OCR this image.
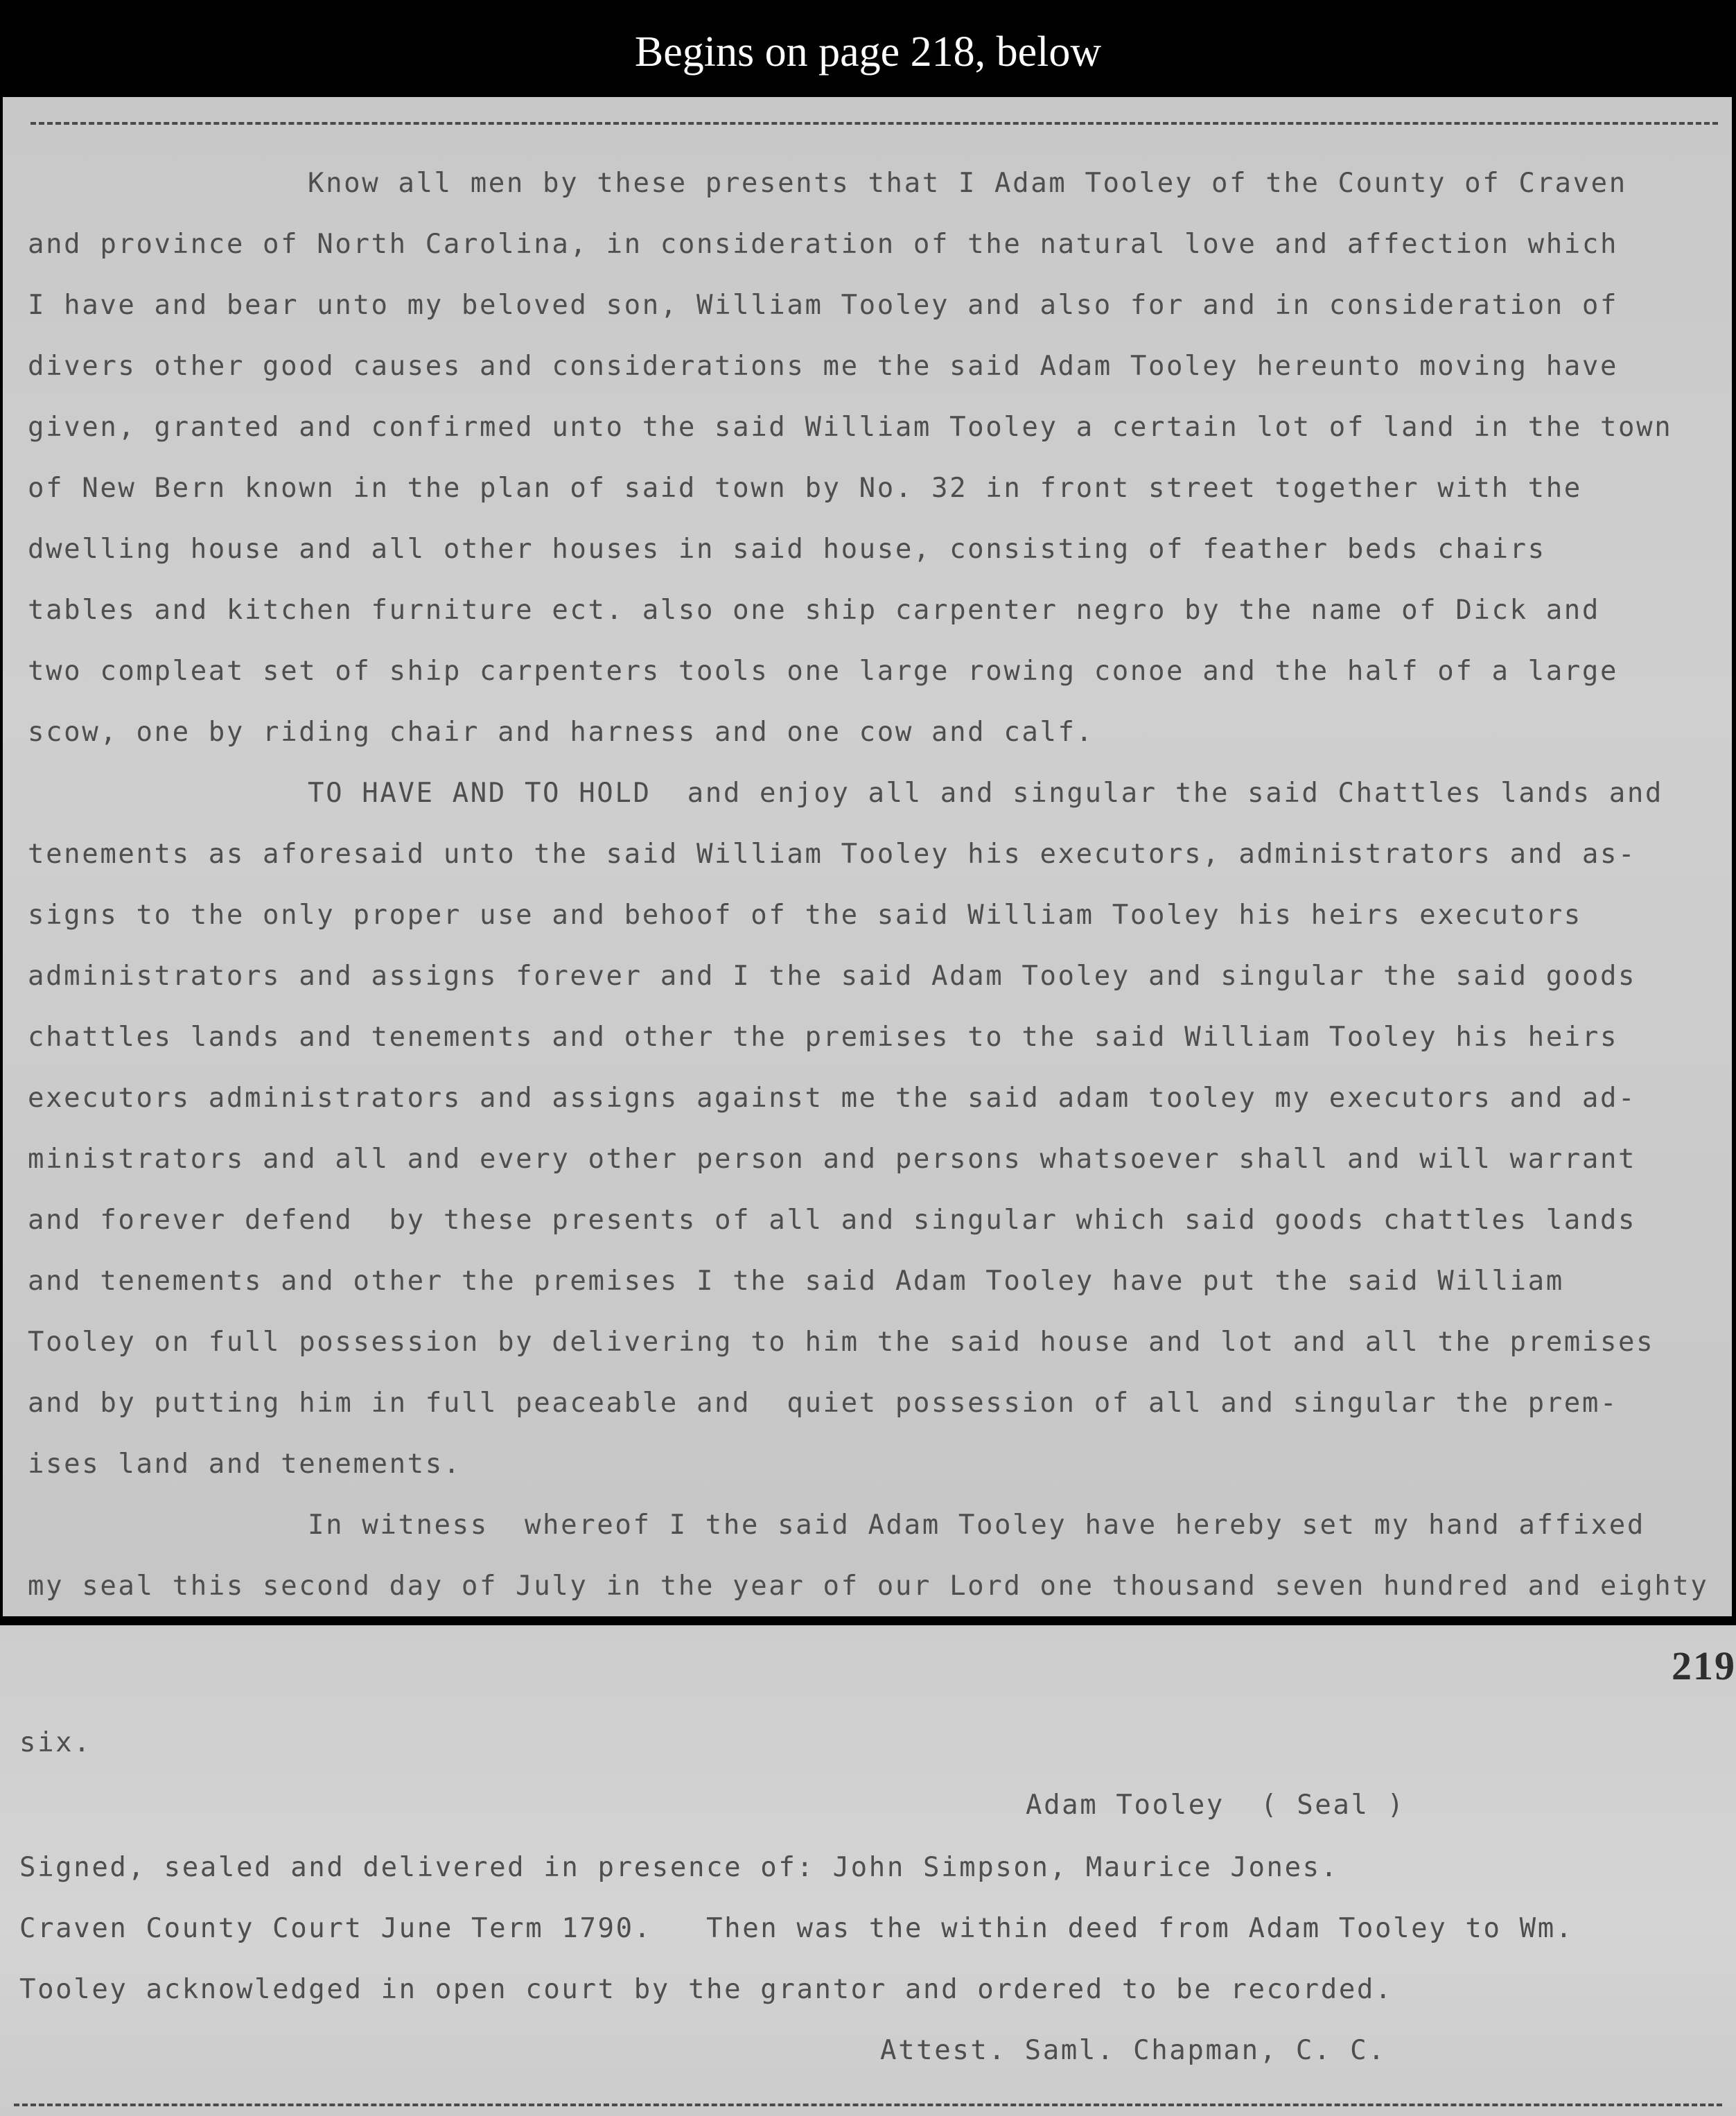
Begins on page 218, below
Know all men by these presents that I Adam Tooley of the County of Craven
and province of North Carolina, in consideration of the natural love and affection which
I have and bear unto my beloved son, William Tooley and also for and in consideration of
divers other good causes and considerations me the said Adam Tooley hereunto moving have
given, granted and confirmed unto the said William Tooley a certain lot of land in the town
of New Bern known in the plan of said town by No. 32 in front street together with the
dwelling house and all other houses in said house, consisting of feather beds chairs
tables and kitchen furniture ect. also one ship carpenter negro by the name of Dick and
two compleat set of ship carpenters tools one large rowing conoe and the half of a large
scow, one by riding chair and harness and one cow and calf.
TO HAVE AND TO HOLD  and enjoy all and singular the said Chattles lands and
tenements as aforesaid unto the said William Tooley his executors, administrators and as-
signs to the only proper use and behoof of the said William Tooley his heirs executors
administrators and assigns forever and I the said Adam Tooley and singular the said goods
chattles lands and tenements and other the premises to the said William Tooley his heirs
executors administrators and assigns against me the said adam tooley my executors and ad-
ministrators and all and every other person and persons whatsoever shall and will warrant
and forever defend  by these presents of all and singular which said goods chattles lands
and tenements and other the premises I the said Adam Tooley have put the said William
Tooley on full possession by delivering to him the said house and lot and all the premises
and by putting him in full peaceable and  quiet possession of all and singular the prem-
ises land and tenements.
In witness  whereof I the said Adam Tooley have hereby set my hand affixed
my seal this second day of July in the year of our Lord one thousand seven hundred and eighty
219
six.
Adam Tooley  ( Seal )
Signed, sealed and delivered in presence of: John Simpson, Maurice Jones.
Craven County Court June Term 1790.   Then was the within deed from Adam Tooley to Wm.
Tooley acknowledged in open court by the grantor and ordered to be recorded.
Attest. Saml. Chapman, C. C.
